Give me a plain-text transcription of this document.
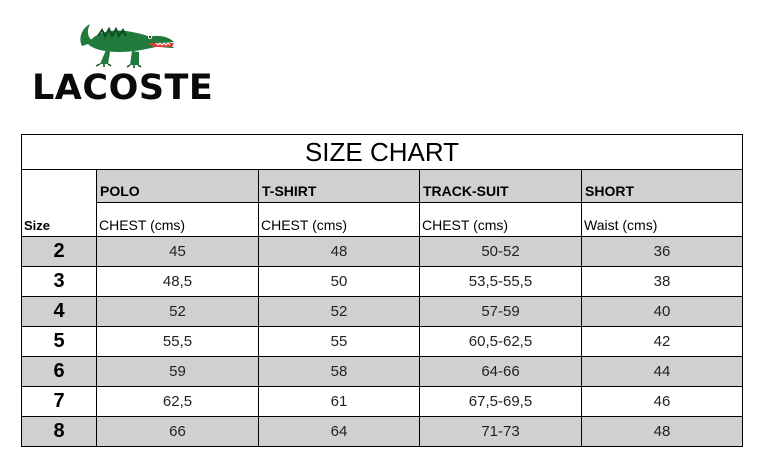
LACOSTE
SIZE CHART				
Size	POLO	T-SHIRT	TRACK-SUIT	SHORT
	CHEST (cms)	CHEST (cms)	CHEST (cms)	Waist (cms)
2	45	48	50-52	36
3	48,5	50	53,5-55,5	38
4	52	52	57-59	40
5	55,5	55	60,5-62,5	42
6	59	58	64-66	44
7	62,5	61	67,5-69,5	46
8	66	64	71-73	48
